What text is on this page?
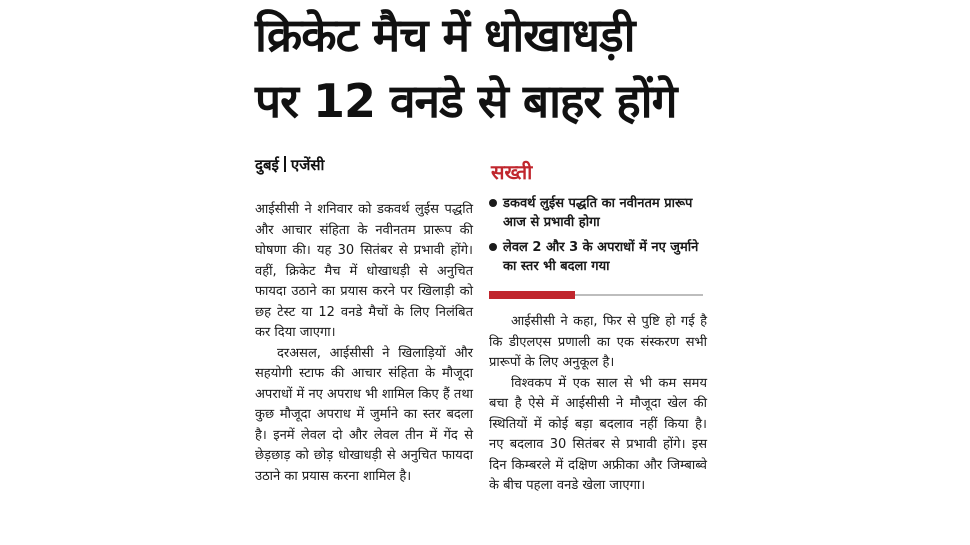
क्रिकेट मैच में धोखाधड़ी
पर 12 वनडे से बाहर होंगे
दुबई एजेंसी

आईसीसी ने शनिवार को डकवर्थ लुईस पद्धति और आचार संहिता के नवीनतम प्रारूप की घोषणा की। यह 30 सितंबर से प्रभावी होंगे। वहीं, क्रिकेट मैच में धोखाधड़ी से अनुचित फायदा उठाने का प्रयास करने पर खिलाड़ी को छह टेस्ट या 12 वनडे मैचों के लिए निलंबित कर दिया जाएगा।

दरअसल, आईसीसी ने खिलाड़ियों और सहयोगी स्टाफ की आचार संहिता के मौजूदा अपराधों में नए अपराध भी शामिल किए हैं तथा कुछ मौजूदा अपराध में जुर्माने का स्तर बदला है। इनमें लेवल दो और लेवल तीन में गेंद से छेड़छाड़ को छोड़ धोखाधड़ी से अनुचित फायदा उठाने का प्रयास करना शामिल है।

सख्ती
डकवर्थ लुईस पद्धति का नवीनतम प्रारूप आज से प्रभावी होगा
लेवल 2 और 3 के अपराधों में नए जुर्माने का स्तर भी बदला गया

आईसीसी ने कहा, फिर से पुष्टि हो गई है कि डीएलएस प्रणाली का एक संस्करण सभी प्रारूपों के लिए अनुकूल है।

विश्वकप में एक साल से भी कम समय बचा है ऐसे में आईसीसी ने मौजूदा खेल की स्थितियों में कोई बड़ा बदलाव नहीं किया है। नए बदलाव 30 सितंबर से प्रभावी होंगे। इस दिन किम्बरले में दक्षिण अफ्रीका और जिम्बाब्वे के बीच पहला वनडे खेला जाएगा।
